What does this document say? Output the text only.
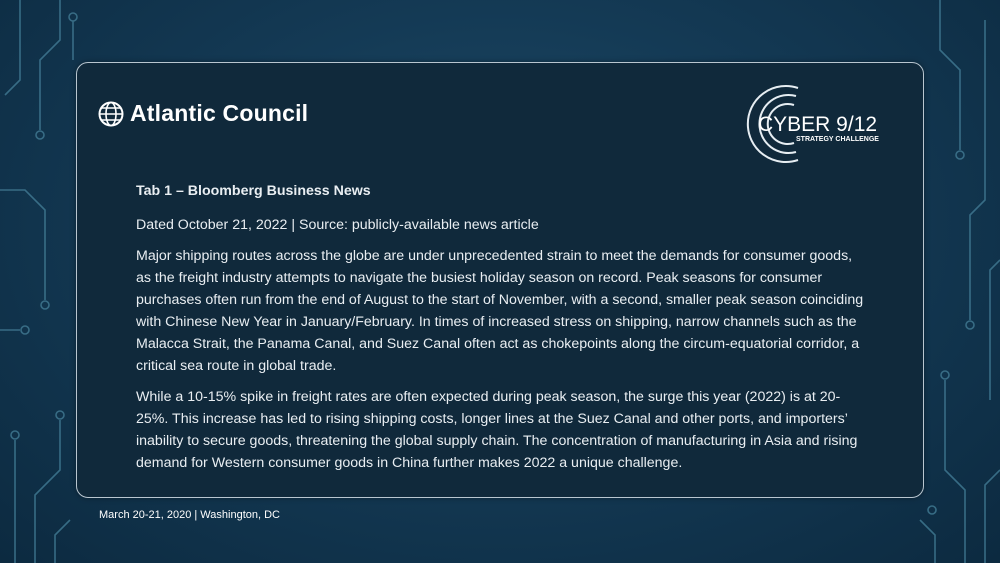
Atlantic Council	CYBER 9/12
STRATEGY CHALLENGE

Tab 1 – Bloomberg Business News

Dated October 21, 2022 | Source: publicly-available news article

Major shipping routes across the globe are under unprecedented strain to meet the demands for consumer goods, as the freight industry attempts to navigate the busiest holiday season on record. Peak seasons for consumer purchases often run from the end of August to the start of November, with a second, smaller peak season coinciding with Chinese New Year in January/February. In times of increased stress on shipping, narrow channels such as the Malacca Strait, the Panama Canal, and Suez Canal often act as chokepoints along the circum-equatorial corridor, a critical sea route in global trade.

While a 10-15% spike in freight rates are often expected during peak season, the surge this year (2022) is at 20-25%. This increase has led to rising shipping costs, longer lines at the Suez Canal and other ports, and importers’ inability to secure goods, threatening the global supply chain. The concentration of manufacturing in Asia and rising demand for Western consumer goods in China further makes 2022 a unique challenge.

March 20-21, 2020 | Washington, DC
